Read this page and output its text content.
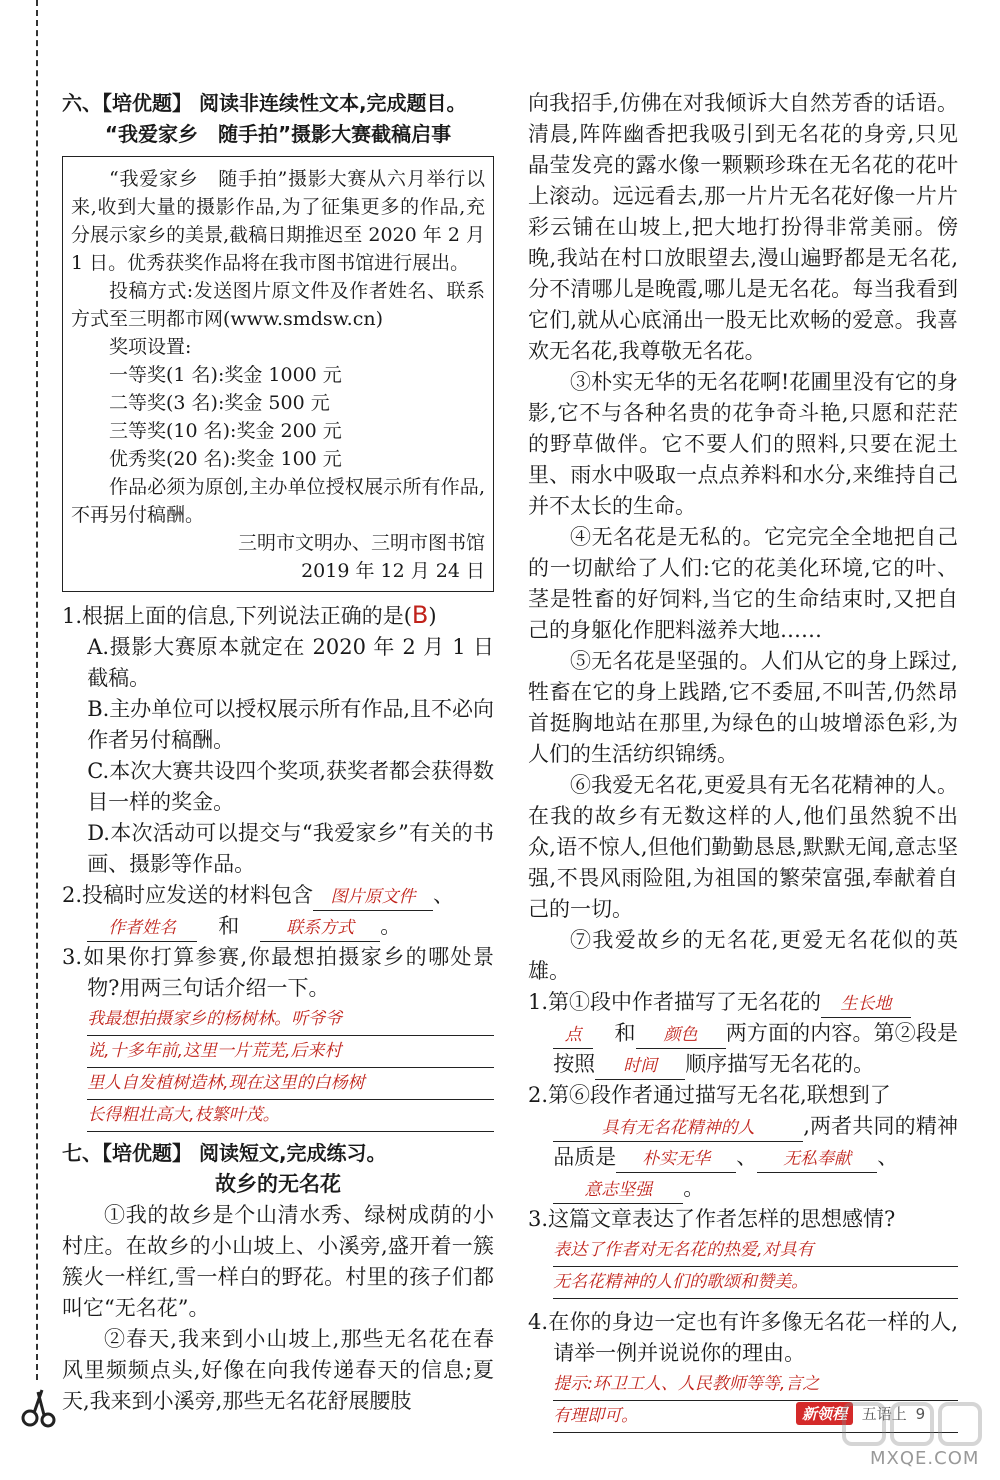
六、【培优题】 阅读非连续性文本,完成题目。

“我爱家乡　随手拍”摄影大赛截稿启事

“我爱家乡　随手拍”摄影大赛从六月举行以来,收到大量的摄影作品,为了征集更多的作品,充分展示家乡的美景,截稿日期推迟至 2020 年 2 月 1 日。优秀获奖作品将在我市图书馆进行展出。

投稿方式:发送图片原文件及作者姓名、联系方式至三明都市网(www.smdsw.cn)

奖项设置:

一等奖(1 名):奖金 1000 元

二等奖(3 名):奖金 500 元

三等奖(10 名):奖金 200 元

优秀奖(20 名):奖金 100 元

作品必须为原创,主办单位授权展示所有作品,不再另付稿酬。

三明市文明办、三明市图书馆

2019 年 12 月 24 日

1.根据上面的信息,下列说法正确的是(B)

A.摄影大赛原本就定在 2020 年 2 月 1 日截稿。

B.主办单位可以授权展示所有作品,且不必向作者另付稿酬。

C.本次大赛共设四个奖项,获奖者都会获得数目一样的奖金。

D.本次活动可以提交与“我爱家乡”有关的书画、摄影等作品。

2.投稿时应发送的材料包含 图片原文件 、
作者姓名　 和　	联系方式 。

3.如果你打算参赛,你最想拍摄家乡的哪处景物?用两三句话介绍一下。

我最想拍摄家乡的杨树林。听爷爷
说,十多年前,这里一片荒芜,后来村
里人自发植树造林,现在这里的白杨树
长得粗壮高大,枝繁叶茂。

七、【培优题】 阅读短文,完成练习。

故乡的无名花

①我的故乡是个山清水秀、绿树成荫的小村庄。在故乡的小山坡上、小溪旁,盛开着一簇簇火一样红,雪一样白的野花。村里的孩子们都叫它“无名花”。

②春天,我来到小山坡上,那些无名花在春风里频频点头,好像在向我传递春天的信息;夏天,我来到小溪旁,那些无名花舒展腰肢

向我招手,仿佛在对我倾诉大自然芳香的话语。清晨,阵阵幽香把我吸引到无名花的身旁,只见晶莹发亮的露水像一颗颗珍珠在无名花的花叶上滚动。远远看去,那一片片无名花好像一片片彩云铺在山坡上,把大地打扮得非常美丽。傍晚,我站在村口放眼望去,漫山遍野都是无名花,分不清哪儿是晚霞,哪儿是无名花。每当我看到它们,就从心底涌出一股无比欢畅的爱意。我喜欢无名花,我尊敬无名花。

③朴实无华的无名花啊!花圃里没有它的身影,它不与各种名贵的花争奇斗艳,只愿和茫茫的野草做伴。它不要人们的照料,只要在泥土里、雨水中吸取一点点养料和水分,来维持自己并不太长的生命。

④无名花是无私的。它完完全全地把自己的一切献给了人们:它的花美化环境,它的叶、茎是牲畜的好饲料,当它的生命结束时,又把自己的身躯化作肥料滋养大地……

⑤无名花是坚强的。人们从它的身上踩过,牲畜在它的身上践踏,它不委屈,不叫苦,仍然昂首挺胸地站在那里,为绿色的山坡增添色彩,为人们的生活纺织锦绣。

⑥我爱无名花,更爱具有无名花精神的人。在我的故乡有无数这样的人,他们虽然貌不出众,语不惊人,但他们勤勤恳恳,默默无闻,意志坚强,不畏风雨险阻,为祖国的繁荣富强,奉献着自己的一切。

⑦我爱故乡的无名花,更爱无名花似的英雄。

1.第①段中作者描写了无名花的 生长地
点　 和 颜色 两方面的内容。第②段是按照 时间 顺序描写无名花的。

2.第⑥段作者通过描写无名花,联想到了
具有无名花精神的人 ,两者共同的精神品质是 朴实无华 、 无私奉献 、
意志坚强 。

3.这篇文章表达了作者怎样的思想感情?

表达了作者对无名花的热爱,对具有
无名花精神的人们的歌颂和赞美。

4.在你的身边一定也有许多像无名花一样的人,请举一例并说说你的理由。

提示:环卫工人、人民教师等等,言之
有理即可。	新领程 五语上 9
MXQE.COM
